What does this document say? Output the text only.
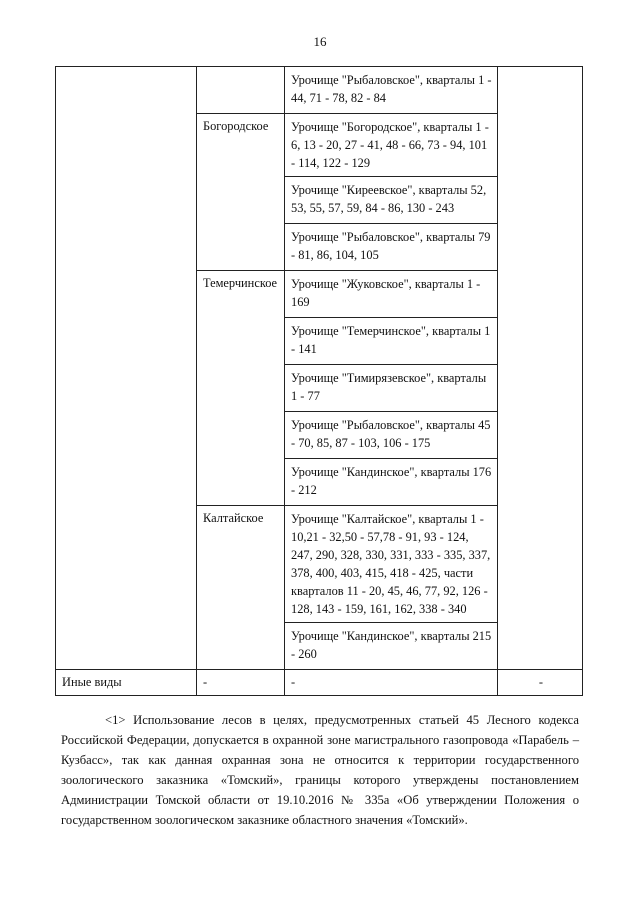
16

		Урочище "Рыбаловское", кварталы 1 - 44, 71 - 78, 82 - 84	

	Богородское	Урочище "Богородское", кварталы 1 - 6, 13 - 20, 27 - 41, 48 - 66, 73 - 94, 101 - 114, 122 - 129	

		Урочище "Киреевское", кварталы 52, 53, 55, 57, 59, 84 - 86, 130 - 243	

		Урочище "Рыбаловское", кварталы 79 - 81, 86, 104, 105	

	Темерчинское	Урочище "Жуковское", кварталы 1 - 169	

		Урочище "Темерчинское", кварталы 1 - 141	

		Урочище "Тимирязевское", кварталы 1 - 77	

		Урочище "Рыбаловское", кварталы 45 - 70, 85, 87 - 103, 106 - 175	

		Урочище "Кандинское", кварталы 176 - 212	

	Калтайское	Урочище "Калтайское", кварталы 1 - 10,21 - 32,50 - 57,78 - 91, 93 - 124, 247, 290, 328, 330, 331, 333 - 335, 337, 378, 400, 403, 415, 418 - 425, части кварталов 11 - 20, 45, 46, 77, 92, 126 - 128, 143 - 159, 161, 162, 338 - 340	

		Урочище "Кандинское", кварталы 215 - 260	

Иные виды	-	-	-

<1> Использование лесов в целях, предусмотренных статьей 45 Лесного кодекса Российской Федерации, допускается в охранной зоне магистрального газопровода «Парабель – Кузбасс», так как данная охранная зона не относится к территории государственного зоологического заказника «Томский», границы которого утверждены постановлением Администрации Томской области от 19.10.2016 № 335а «Об утверждении Положения о государственном зоологическом заказнике областного значения «Томский».
